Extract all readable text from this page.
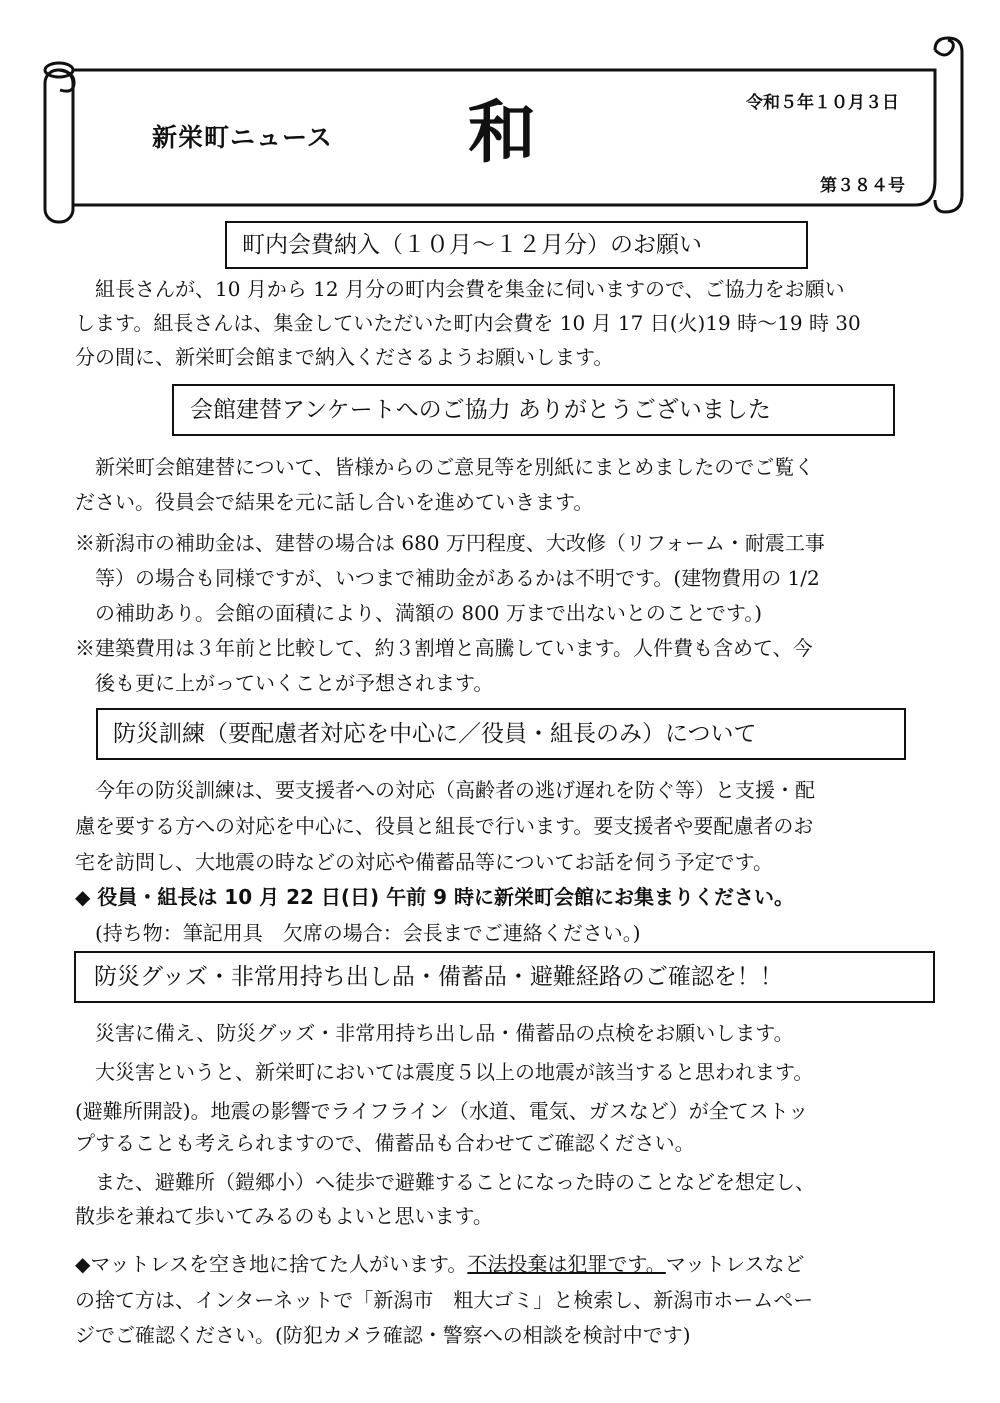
新栄町ニュース 和	令和５年１０月３日
第３８４号
町内会費納入（１０月～１２月分）のお願い
　組長さんが、10 月から 12 月分の町内会費を集金に伺いますので、ご協力をお願い
します。組長さんは、集金していただいた町内会費を 10 月 17 日(火)19 時～19 時 30
分の間に、新栄町会館まで納入くださるようお願いします。
会館建替アンケートへのご協力 ありがとうございました
　新栄町会館建替について、皆様からのご意見等を別紙にまとめましたのでご覧く
ださい。役員会で結果を元に話し合いを進めていきます。
※新潟市の補助金は、建替の場合は 680 万円程度、大改修（リフォーム・耐震工事
　等）の場合も同様ですが、いつまで補助金があるかは不明です。(建物費用の 1/2
　の補助あり。会館の面積により、満額の 800 万まで出ないとのことです。)
※建築費用は３年前と比較して、約３割増と高騰しています。人件費も含めて、今
　後も更に上がっていくことが予想されます。
防災訓練（要配慮者対応を中心に／役員・組長のみ）について
　今年の防災訓練は、要支援者への対応（高齢者の逃げ遅れを防ぐ等）と支援・配
慮を要する方への対応を中心に、役員と組長で行います。要支援者や要配慮者のお
宅を訪問し、大地震の時などの対応や備蓄品等についてお話を伺う予定です。
◆ 役員・組長は 10 月 22 日(日) 午前 9 時に新栄町会館にお集まりください。
　(持ち物：筆記用具　欠席の場合：会長までご連絡ください。)
防災グッズ・非常用持ち出し品・備蓄品・避難経路のご確認を！！
　災害に備え、防災グッズ・非常用持ち出し品・備蓄品の点検をお願いします。
　大災害というと、新栄町においては震度５以上の地震が該当すると思われます。
(避難所開設)。地震の影響でライフライン（水道、電気、ガスなど）が全てストッ
プすることも考えられますので、備蓄品も合わせてご確認ください。
　また、避難所（鎧郷小）へ徒歩で避難することになった時のことなどを想定し、
散歩を兼ねて歩いてみるのもよいと思います。
◆マットレスを空き地に捨てた人がいます。不法投棄は犯罪です。マットレスなど
の捨て方は、インターネットで「新潟市　粗大ゴミ」と検索し、新潟市ホームペー
ジでご確認ください。(防犯カメラ確認・警察への相談を検討中です)
